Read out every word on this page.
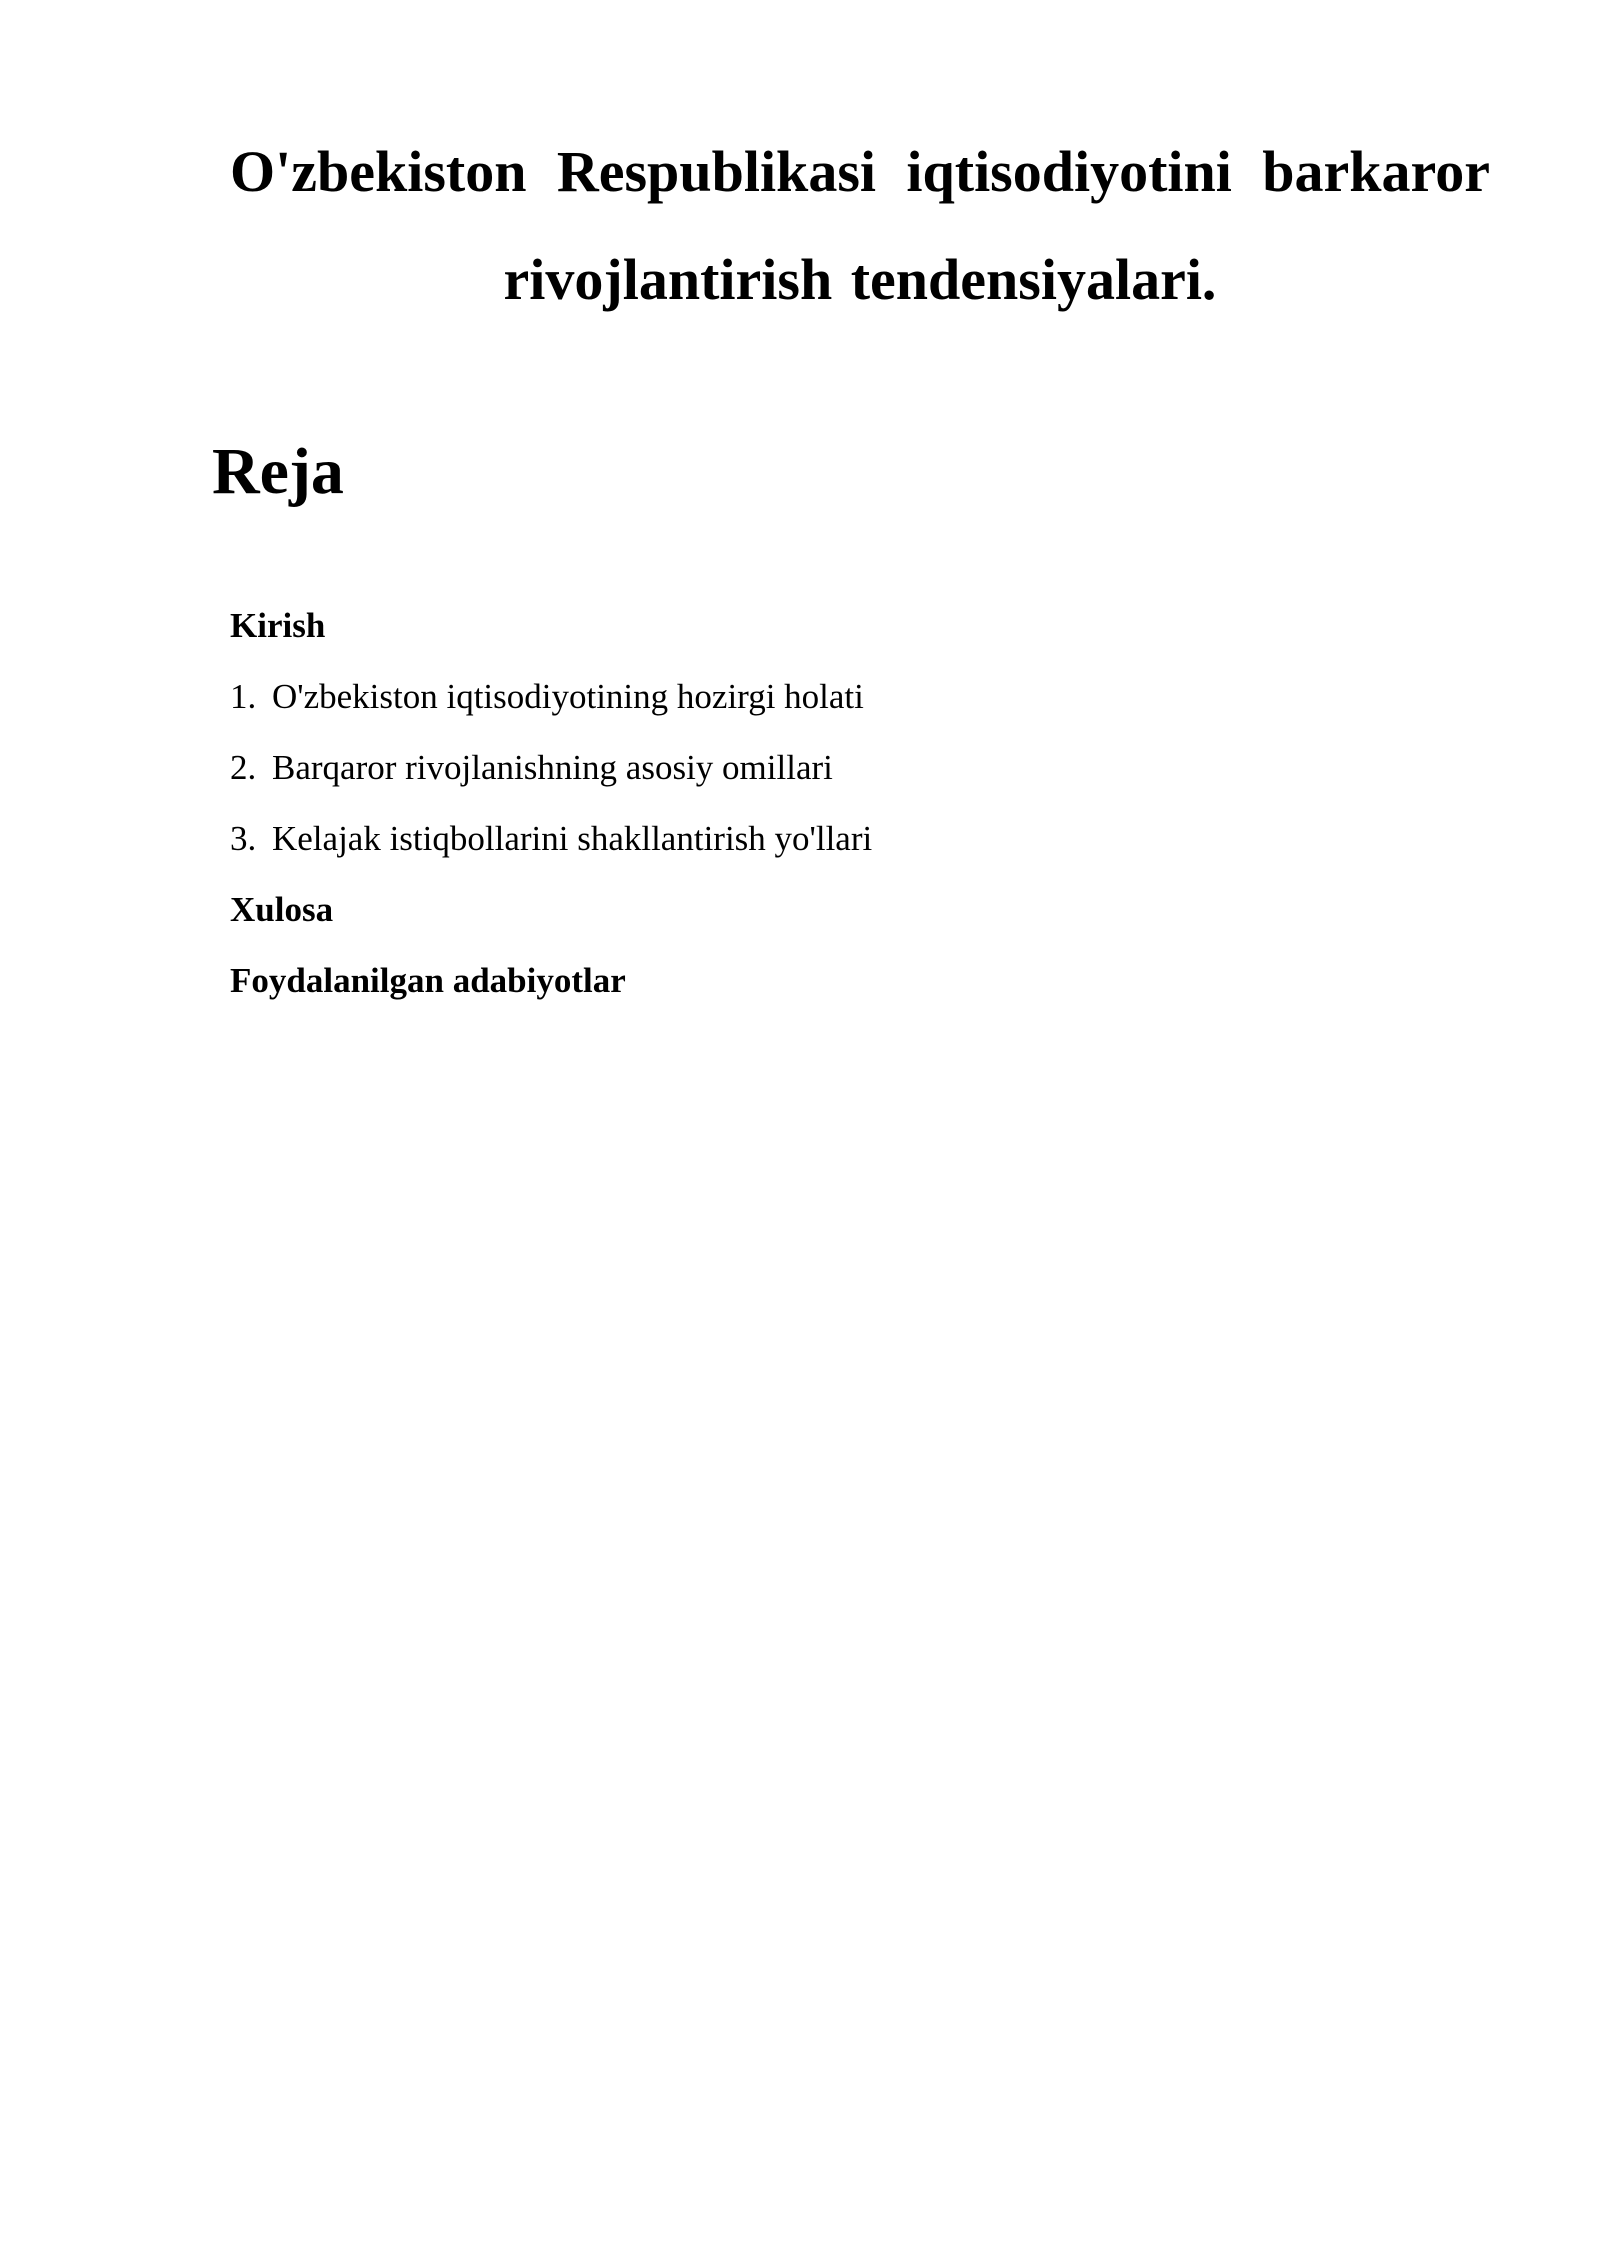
O'zbekiston Respublikasi iqtisodiyotini barkaror rivojlantirish tendensiyalari.
Reja
Kirish
1. O'zbekiston iqtisodiyotining hozirgi holati
2. Barqaror rivojlanishning asosiy omillari
3. Kelajak istiqbollarini shakllantirish yo'llari
Xulosa
Foydalanilgan adabiyotlar
